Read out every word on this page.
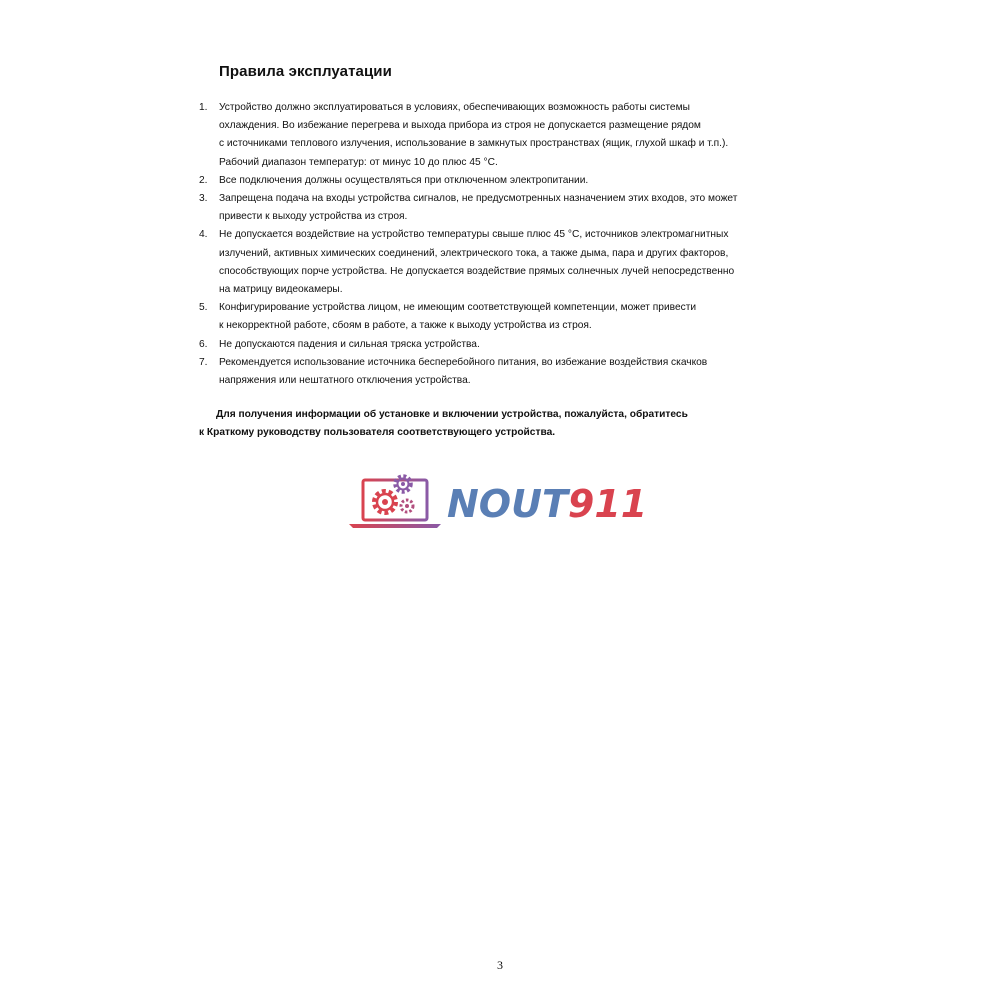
Правила эксплуатации
1.	Устройство должно эксплуатироваться в условиях, обеспечивающих возможность работы системы
охлаждения. Во избежание перегрева и выхода прибора из строя не допускается размещение рядом
с источниками теплового излучения, использование в замкнутых пространствах (ящик, глухой шкаф и т.п.).
Рабочий диапазон температур: от минус 10 до плюс 45 °C.
2.	Все подключения должны осуществляться при отключенном электропитании.
3.	Запрещена подача на входы устройства сигналов, не предусмотренных назначением этих входов, это может
привести к выходу устройства из строя.
4.	Не допускается воздействие на устройство температуры свыше плюс 45 °C, источников электромагнитных
излучений, активных химических соединений, электрического тока, а также дыма, пара и других факторов,
способствующих порче устройства. Не допускается воздействие прямых солнечных лучей непосредственно
на матрицу видеокамеры.
5.	Конфигурирование устройства лицом, не имеющим соответствующей компетенции, может привести
к некорректной работе, сбоям в работе, а также к выходу устройства из строя.
6.	Не допускаются падения и сильная тряска устройства.
7.	Рекомендуется использование источника бесперебойного питания, во избежание воздействия скачков
напряжения или нештатного отключения устройства.
Для получения информации об установке и включении устройства, пожалуйста, обратитесь
к Краткому руководству пользователя соответствующего устройства.
NOUT911
3
